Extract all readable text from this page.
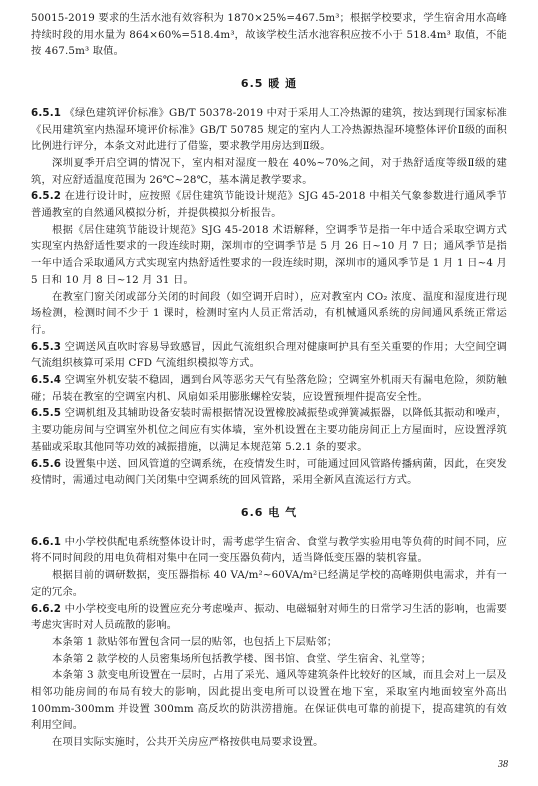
50015-2019 要求的生活水池有效容积为 1870×25%=467.5m³；根据学校要求，学生宿舍用水高峰持续时段的用水量为 864×60%=518.4m³，故该学校生活水池容积应按不小于 518.4m³ 取值，不能按 467.5m³ 取值。

6.5 暖 通

6.5.1 《绿色建筑评价标准》GB/T 50378-2019 中对于采用人工冷热源的建筑，按达到现行国家标准《民用建筑室内热湿环境评价标准》GB/T 50785 规定的室内人工冷热源热湿环境整体评价Ⅱ级的面积比例进行评分，本条文对此进行了借鉴，要求教学用房达到Ⅱ级。

深圳夏季开启空调的情况下，室内相对湿度一般在 40%~70%之间，对于热舒适度等级Ⅱ级的建筑，对应舒适温度范围为 26℃~28℃，基本满足教学要求。

6.5.2 在进行设计时，应按照《居住建筑节能设计规范》SJG 45-2018 中相关气象参数进行通风季节普通教室的自然通风模拟分析，并提供模拟分析报告。

根据《居住建筑节能设计规范》SJG 45-2018 术语解释，空调季节是指一年中适合采取空调方式实现室内热舒适性要求的一段连续时期，深圳市的空调季节是 5 月 26 日~10 月 7 日；通风季节是指一年中适合采取通风方式实现室内热舒适性要求的一段连续时期，深圳市的通风季节是 1 月 1 日~4 月 5 日和 10 月 8 日~12 月 31 日。

在教室门窗关闭或部分关闭的时间段（如空调开启时），应对教室内 CO₂ 浓度、温度和湿度进行现场检测，检测时间不少于 1 课时，检测时室内人员正常活动，有机械通风系统的房间通风系统正常运行。

6.5.3 空调送风直吹时容易导致感冒，因此气流组织合理对健康呵护具有至关重要的作用；大空间空调气流组织核算可采用 CFD 气流组织模拟等方式。

6.5.4 空调室外机安装不稳固，遇到台风等恶劣天气有坠落危险；空调室外机雨天有漏电危险，须防触碰；吊装在教室的空调室内机、风扇如采用膨胀螺栓安装，应设置预埋件提高安全性。

6.5.5 空调机组及其辅助设备安装时需根据情况设置橡胶减振垫或弹簧减振器，以降低其振动和噪声，主要功能房间与空调室外机位之间应有实体墙，室外机设置在主要功能房间正上方屋面时，应设置浮筑基础或采取其他同等功效的减振措施，以满足本规范第 5.2.1 条的要求。

6.5.6 设置集中送、回风管道的空调系统，在疫情发生时，可能通过回风管路传播病菌，因此，在突发疫情时，需通过电动阀门关闭集中空调系统的回风管路，采用全新风直流运行方式。

6.6 电 气

6.6.1 中小学校供配电系统整体设计时，需考虑学生宿舍、食堂与教学实验用电等负荷的时间不同，应将不同时间段的用电负荷相对集中在同一变压器负荷内，适当降低变压器的装机容量。

根据目前的调研数据，变压器指标 40 VA/m²~60VA/m²已经满足学校的高峰期供电需求，并有一定的冗余。

6.6.2 中小学校变电所的设置应充分考虑噪声、振动、电磁辐射对师生的日常学习生活的影响，也需要考虑灾害时对人员疏散的影响。

本条第 1 款贴邻布置包含同一层的贴邻，也包括上下层贴邻；

本条第 2 款学校的人员密集场所包括教学楼、图书馆、食堂、学生宿舍、礼堂等；

本条第 3 款变电所设置在一层时，占用了采光、通风等建筑条件比较好的区域，而且会对上一层及相邻功能房间的布局有较大的影响，因此提出变电所可以设置在地下室，采取室内地面较室外高出 100mm-300mm 并设置 300mm 高反坎的防洪涝措施。在保证供电可靠的前提下，提高建筑的有效利用空间。

在项目实际实施时，公共开关房应严格按供电局要求设置。

38
